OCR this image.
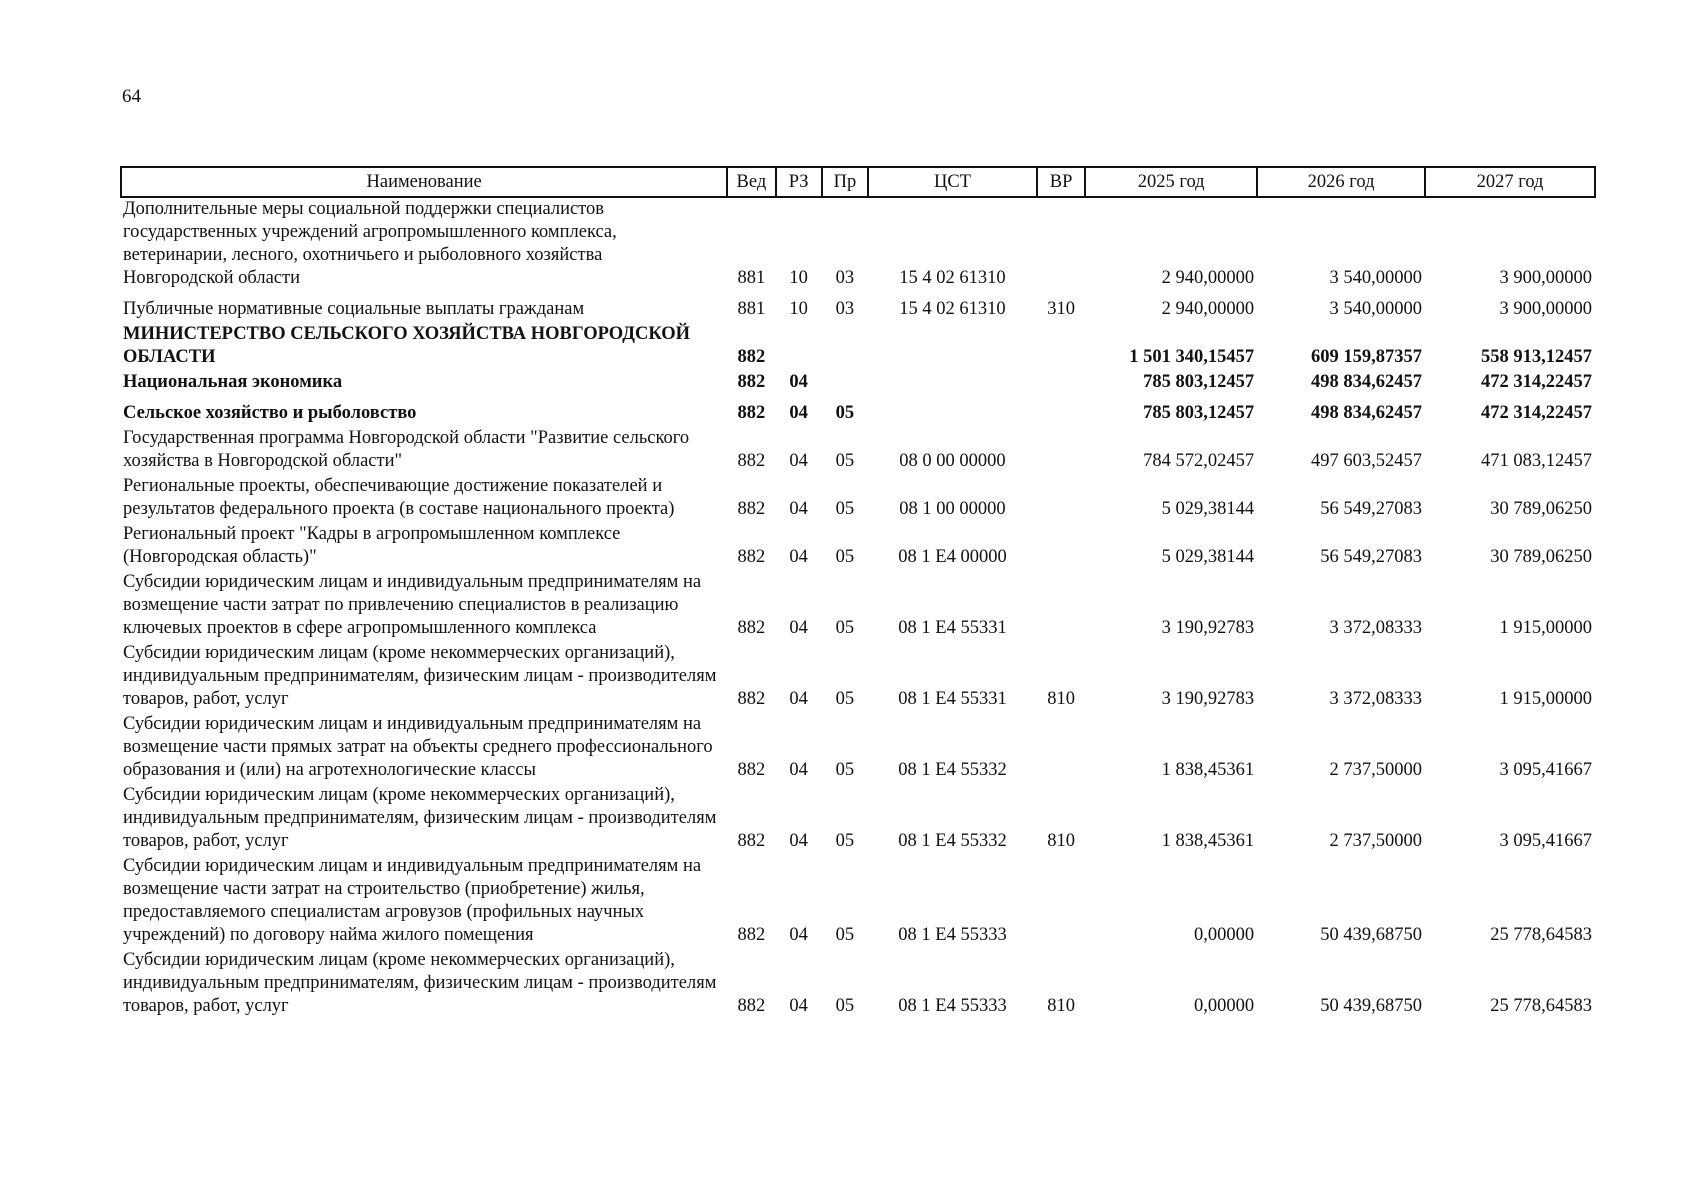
64
Наименование	Вед	РЗ	Пр	ЦСТ	ВР	2025 год	2026 год	2027 год
Дополнительные меры социальной поддержки специалистов государственных учреждений агропромышленного комплекса, ветеринарии, лесного, охотничьего и рыболовного хозяйства Новгородской области	881	10	03	15 4 02 61310		2 940,00000	3 540,00000	3 900,00000
Публичные нормативные социальные выплаты гражданам	881	10	03	15 4 02 61310	310	2 940,00000	3 540,00000	3 900,00000
МИНИСТЕРСТВО СЕЛЬСКОГО ХОЗЯЙСТВА НОВГОРОДСКОЙ ОБЛАСТИ	882					1 501 340,15457	609 159,87357	558 913,12457
Национальная экономика	882	04				785 803,12457	498 834,62457	472 314,22457
Сельское хозяйство и рыболовство	882	04	05			785 803,12457	498 834,62457	472 314,22457
Государственная программа Новгородской области "Развитие сельского хозяйства в Новгородской области"	882	04	05	08 0 00 00000		784 572,02457	497 603,52457	471 083,12457
Региональные проекты, обеспечивающие достижение показателей и результатов федерального проекта (в составе национального проекта)	882	04	05	08 1 00 00000		5 029,38144	56 549,27083	30 789,06250
Региональный проект "Кадры в агропромышленном комплексе (Новгородская область)"	882	04	05	08 1 Е4 00000		5 029,38144	56 549,27083	30 789,06250
Субсидии юридическим лицам и индивидуальным предпринимателям на возмещение части затрат по привлечению специалистов в реализацию ключевых проектов в сфере агропромышленного комплекса	882	04	05	08 1 Е4 55331		3 190,92783	3 372,08333	1 915,00000
Субсидии юридическим лицам (кроме некоммерческих организаций), индивидуальным предпринимателям, физическим лицам - производителям товаров, работ, услуг	882	04	05	08 1 Е4 55331	810	3 190,92783	3 372,08333	1 915,00000
Субсидии юридическим лицам и индивидуальным предпринимателям на возмещение части прямых затрат на объекты среднего профессионального образования и (или) на агротехнологические классы	882	04	05	08 1 Е4 55332		1 838,45361	2 737,50000	3 095,41667
Субсидии юридическим лицам (кроме некоммерческих организаций), индивидуальным предпринимателям, физическим лицам - производителям товаров, работ, услуг	882	04	05	08 1 Е4 55332	810	1 838,45361	2 737,50000	3 095,41667
Субсидии юридическим лицам и индивидуальным предпринимателям на возмещение части затрат на строительство (приобретение) жилья, предоставляемого специалистам агровузов (профильных научных учреждений) по договору найма жилого помещения	882	04	05	08 1 Е4 55333		0,00000	50 439,68750	25 778,64583
Субсидии юридическим лицам (кроме некоммерческих организаций), индивидуальным предпринимателям, физическим лицам - производителям товаров, работ, услуг	882	04	05	08 1 Е4 55333	810	0,00000	50 439,68750	25 778,64583
